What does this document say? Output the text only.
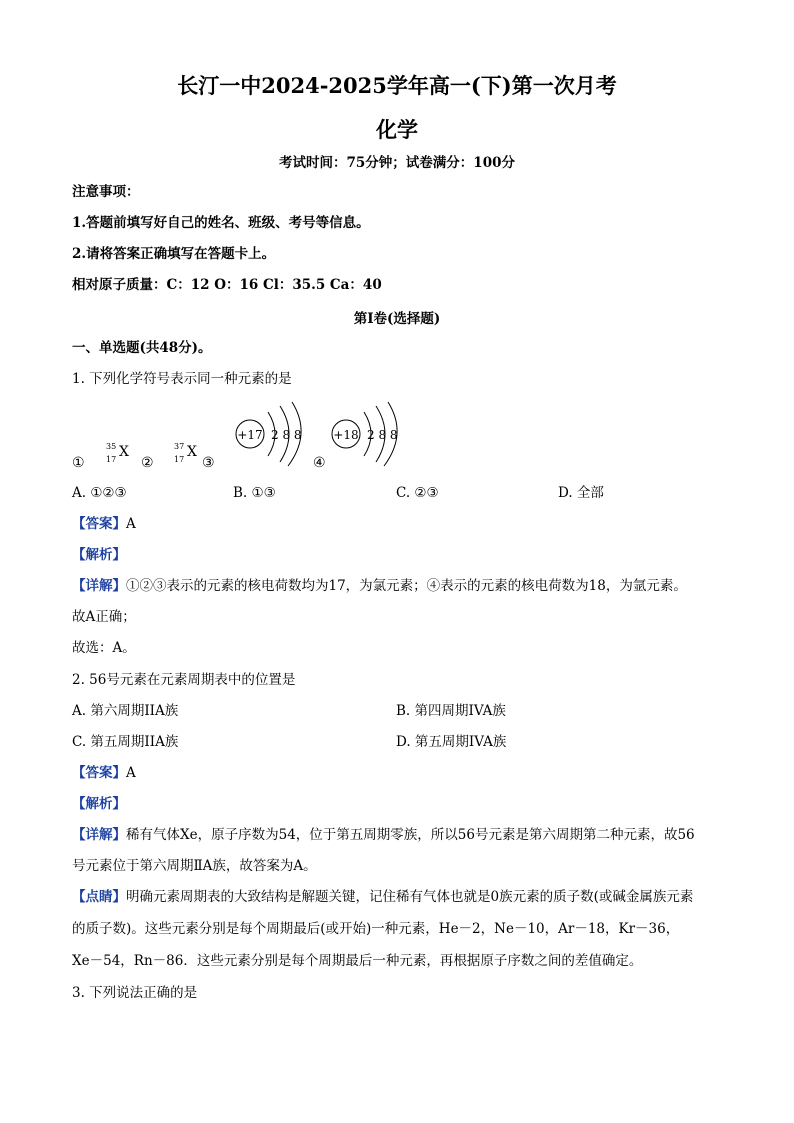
长汀一中2024-2025学年高一(下)第一次月考
化学
考试时间：75分钟；试卷满分：100分
注意事项：
1.答题前填写好自己的姓名、班级、考号等信息。
2.请将答案正确填写在答题卡上。
相对原子质量：C：12 O：16 Cl：35.5 Ca：40
第I卷(选择题)
一、单选题(共48分)。
1. 下列化学符号表示同一种元素的是
①
35
17 X
②
37
17 X
③
+17 2 8 8
④
+18 2 8 8
A. ①②③	B. ①③	C. ②③	D. 全部
【答案】A
【解析】
【详解】①②③表示的元素的核电荷数均为17，为氯元素；④表示的元素的核电荷数为18，为氩元素。
故A正确；
故选：A。
2. 56号元素在元素周期表中的位置是
A. 第六周期IIA族	B. 第四周期IVA族
C. 第五周期IIA族	D. 第五周期IVA族
【答案】A
【解析】
【详解】稀有气体Xe，原子序数为54，位于第五周期零族，所以56号元素是第六周期第二种元素，故56
号元素位于第六周期ⅡA族，故答案为A。
【点睛】明确元素周期表的大致结构是解题关键，记住稀有气体也就是0族元素的质子数(或碱金属族元素
的质子数)。这些元素分别是每个周期最后(或开始)一种元素，He－2，Ne－10，Ar－18，Kr－36，
Xe－54，Rn－86．这些元素分别是每个周期最后一种元素，再根据原子序数之间的差值确定。
3. 下列说法正确的是
